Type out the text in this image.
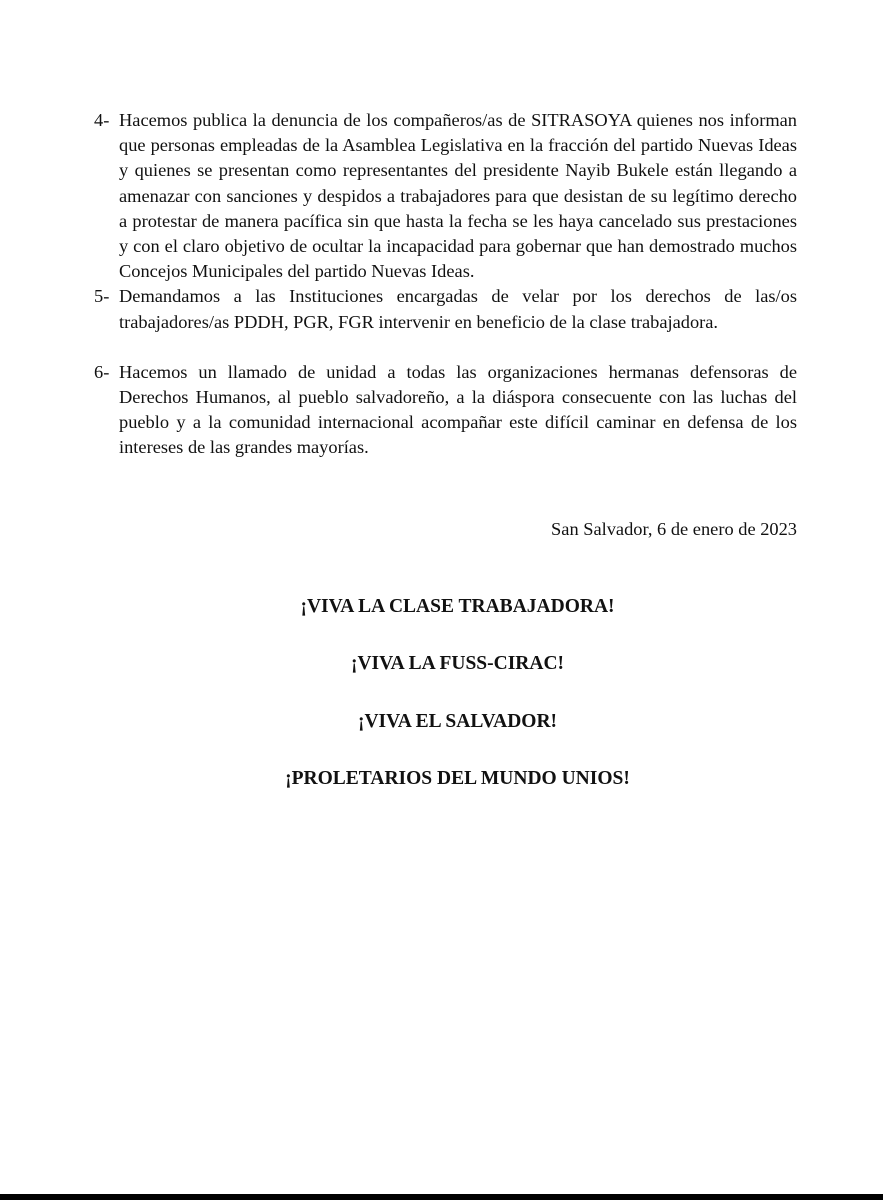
4- Hacemos publica la denuncia de los compañeros/as de SITRASOYA quienes nos informan que personas empleadas de la Asamblea Legislativa en la fracción del partido Nuevas Ideas y quienes se presentan como representantes del presidente Nayib Bukele están llegando a amenazar con sanciones y despidos a trabajadores para que desistan de su legítimo derecho a protestar de manera pacífica sin que hasta la fecha se les haya cancelado sus prestaciones y con el claro objetivo de ocultar la incapacidad para gobernar que han demostrado muchos Concejos Municipales del partido Nuevas Ideas.
5- Demandamos a las Instituciones encargadas de velar por los derechos de las/os trabajadores/as PDDH, PGR, FGR intervenir en beneficio de la clase trabajadora.
6- Hacemos un llamado de unidad a todas las organizaciones hermanas defensoras de Derechos Humanos, al pueblo salvadoreño, a la diáspora consecuente con las luchas del pueblo y a la comunidad internacional acompañar este difícil caminar en defensa de los intereses de las grandes mayorías.
San Salvador, 6 de enero de 2023
¡VIVA LA CLASE TRABAJADORA!
¡VIVA LA FUSS-CIRAC!
¡VIVA EL SALVADOR!
¡PROLETARIOS DEL MUNDO UNIOS!
